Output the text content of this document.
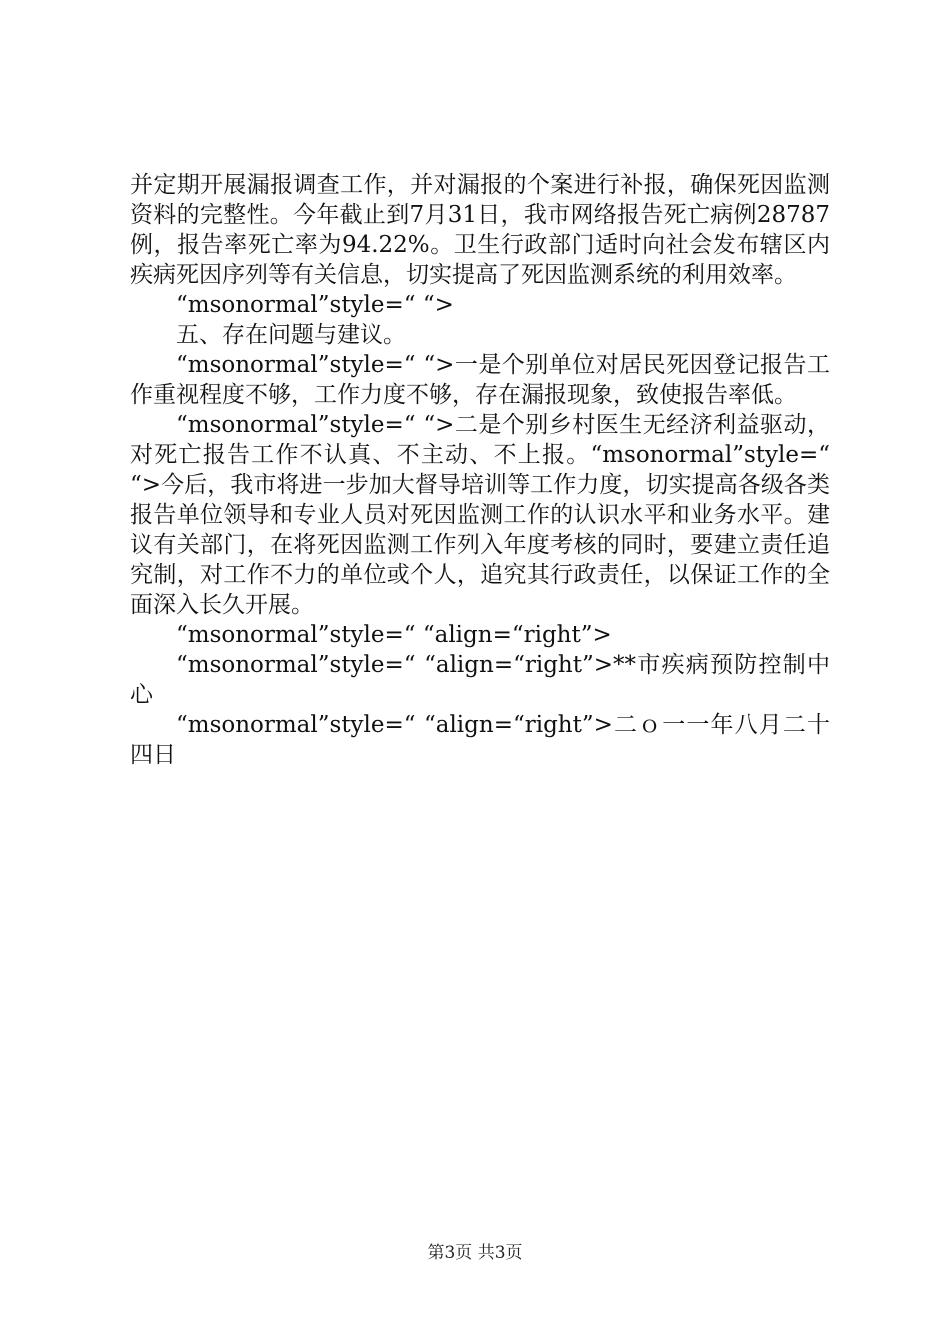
并定期开展漏报调查工作，并对漏报的个案进行补报，确保死因监测资料的完整性。今年截止到7月31日，我市网络报告死亡病例28787例，报告率死亡率为94.22%。卫生行政部门适时向社会发布辖区内疾病死因序列等有关信息，切实提高了死因监测系统的利用效率。

“msonormal”style=“ “>

五、存在问题与建议。

“msonormal”style=“ “>一是个别单位对居民死因登记报告工作重视程度不够，工作力度不够，存在漏报现象，致使报告率低。

“msonormal”style=“ “>二是个别乡村医生无经济利益驱动，对死亡报告工作不认真、不主动、不上报。“msonormal”style=“ “>今后，我市将进一步加大督导培训等工作力度，切实提高各级各类报告单位领导和专业人员对死因监测工作的认识水平和业务水平。建议有关部门，在将死因监测工作列入年度考核的同时，要建立责任追究制，对工作不力的单位或个人，追究其行政责任，以保证工作的全面深入长久开展。

“msonormal”style=“ “align=“right”>

“msonormal”style=“ “align=“right”>**市疾病预防控制中心

“msonormal”style=“ “align=“right”>二ｏ一一年八月二十四日

第3页 共3页
